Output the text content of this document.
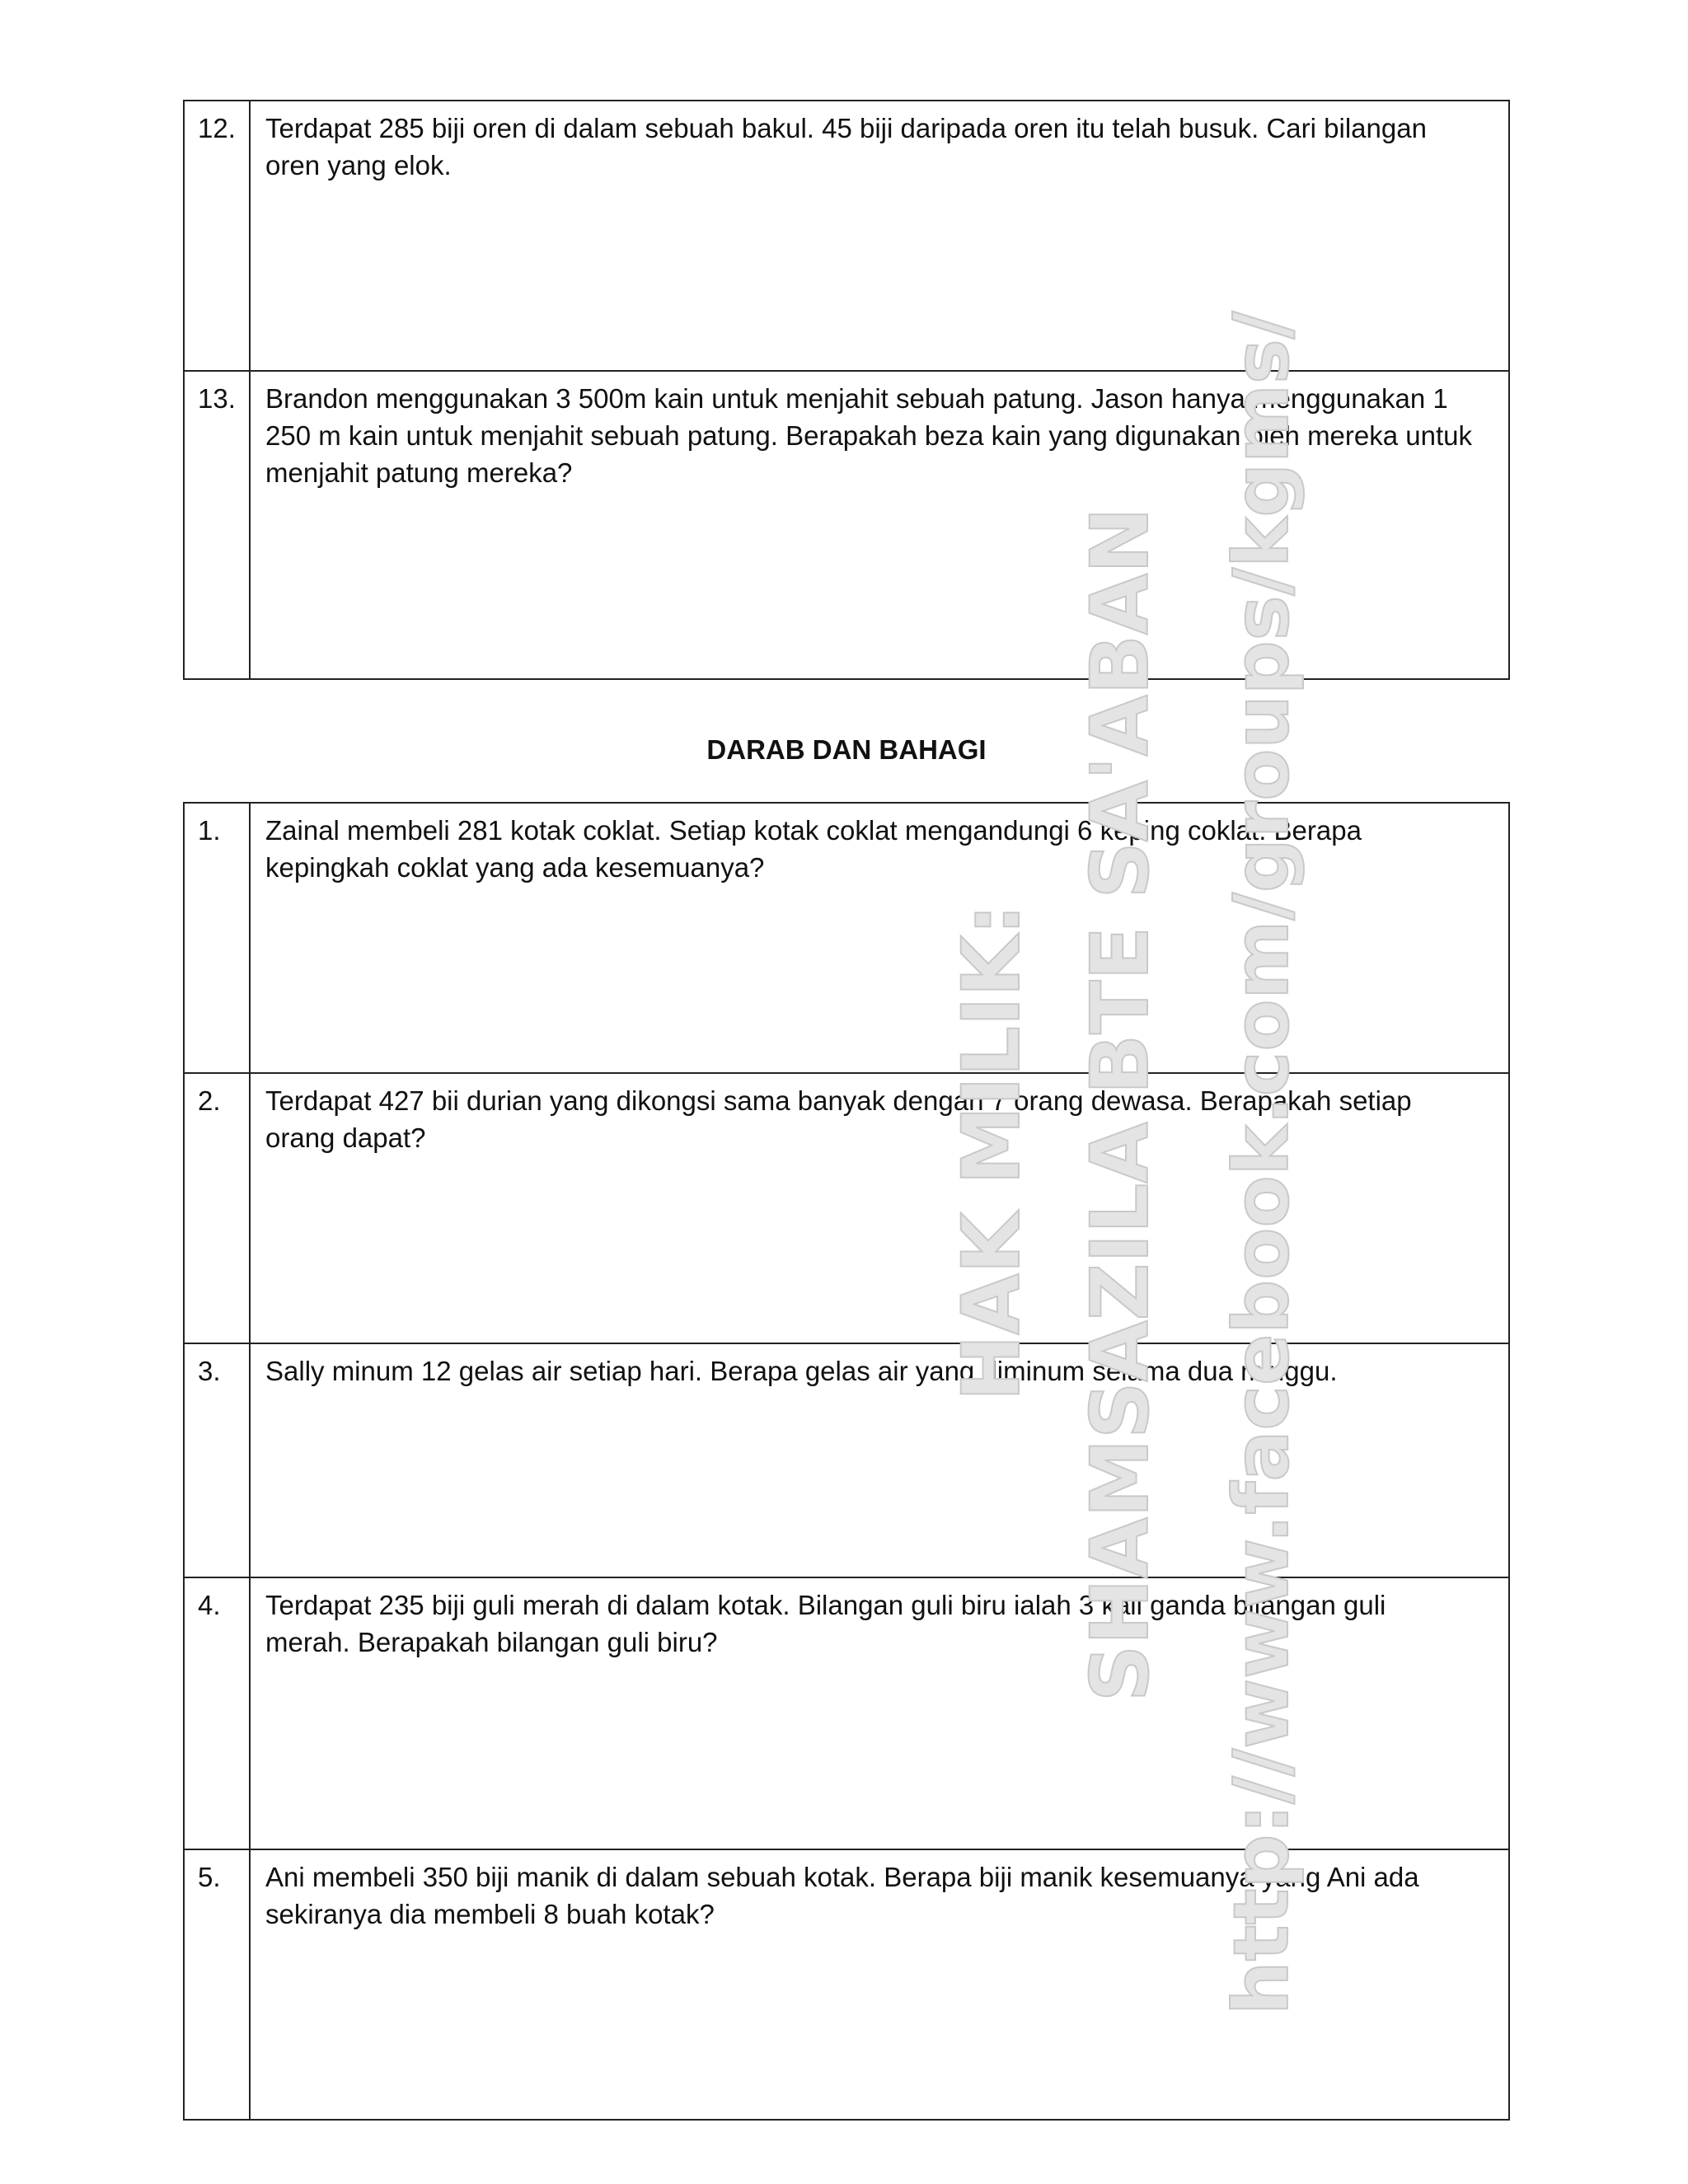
12.	Terdapat 285 biji oren di dalam sebuah bakul. 45 biji daripada oren itu telah busuk. Cari bilangan oren yang elok.
13.	Brandon menggunakan 3 500m kain untuk menjahit sebuah patung. Jason hanya menggunakan 1 250 m kain untuk menjahit sebuah patung. Berapakah beza kain yang digunakan oleh mereka untuk menjahit patung mereka?
DARAB DAN BAHAGI
1.	Zainal membeli 281 kotak coklat. Setiap kotak coklat mengandungi 6 keping coklat. Berapa kepingkah coklat yang ada kesemuanya?
2.	Terdapat 427 bii durian yang dikongsi sama banyak dengan 7 orang dewasa. Berapakah setiap orang dapat?
3.	Sally minum 12 gelas air setiap hari. Berapa gelas air yang diminum selama dua minggu.
4.	Terdapat 235 biji guli merah di dalam kotak. Bilangan guli biru ialah 3 kali ganda bilangan guli merah. Berapakah bilangan guli biru?
5.	Ani membeli 350 biji manik di dalam sebuah kotak. Berapa biji manik kesemuanya yang Ani ada sekiranya dia membeli 8 buah kotak?
HAK MILIK: SHAMSAZILA BTE SA'ABAN http://www.facebook.com/groups/kgms/
